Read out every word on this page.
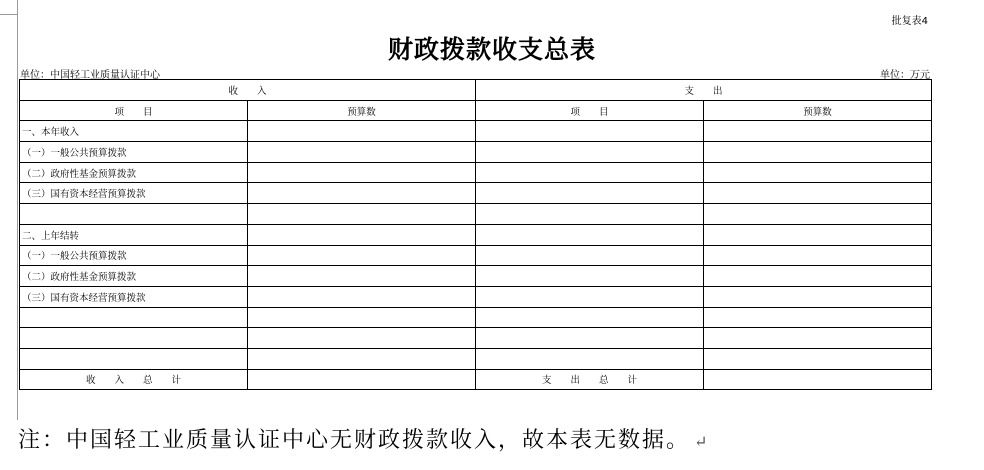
批复表4
财政拨款收支总表
单位：中国轻工业质量认证中心	单位：万元
收　　入		支　　出	
项　　目	预算数	项　　目	预算数
一、本年收入			
（一）一般公共预算拨款			
（二）政府性基金预算拨款			
（三）国有资本经营预算拨款			

二、上年结转			
（一）一般公共预算拨款			
（二）政府性基金预算拨款			
（三）国有资本经营预算拨款			

收　　入　　总　　计		支　　出　　总　　计	
注：中国轻工业质量认证中心无财政拨款收入，故本表无数据。 ↵
